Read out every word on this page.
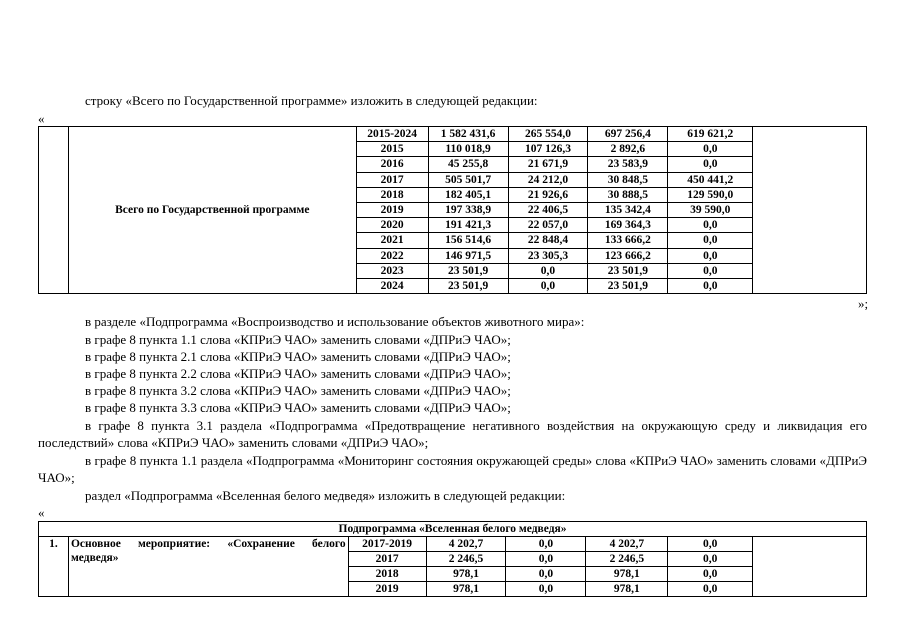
строку «Всего по Государственной программе» изложить в следующей редакции:
«
	Всего по Государственной программе	2015-2024	1 582 431,6	265 554,0	697 256,4	619 621,2	
		2015	110 018,9	107 126,3	2 892,6	0,0	
		2016	45 255,8	21 671,9	23 583,9	0,0	
		2017	505 501,7	24 212,0	30 848,5	450 441,2	
		2018	182 405,1	21 926,6	30 888,5	129 590,0	
		2019	197 338,9	22 406,5	135 342,4	39 590,0	
		2020	191 421,3	22 057,0	169 364,3	0,0	
		2021	156 514,6	22 848,4	133 666,2	0,0	
		2022	146 971,5	23 305,3	123 666,2	0,0	
		2023	23 501,9	0,0	23 501,9	0,0	
		2024	23 501,9	0,0	23 501,9	0,0	
»;
в разделе «Подпрограмма «Воспроизводство и использование объектов животного мира»:
в графе 8 пункта 1.1 слова «КПРиЭ ЧАО» заменить словами «ДПРиЭ ЧАО»;
в графе 8 пункта 2.1 слова «КПРиЭ ЧАО» заменить словами «ДПРиЭ ЧАО»;
в графе 8 пункта 2.2 слова «КПРиЭ ЧАО» заменить словами «ДПРиЭ ЧАО»;
в графе 8 пункта 3.2 слова «КПРиЭ ЧАО» заменить словами «ДПРиЭ ЧАО»;
в графе 8 пункта 3.3 слова «КПРиЭ ЧАО» заменить словами «ДПРиЭ ЧАО»;
в графе 8 пункта 3.1 раздела «Подпрограмма «Предотвращение негативного воздействия на окружающую среду и ликвидация его последствий» слова «КПРиЭ ЧАО» заменить словами «ДПРиЭ ЧАО»;
в графе 8 пункта 1.1 раздела «Подпрограмма «Мониторинг состояния окружающей среды» слова «КПРиЭ ЧАО» заменить словами «ДПРиЭ ЧАО»;
раздел «Подпрограмма «Вселенная белого медведя» изложить в следующей редакции:
«
Подпрограмма «Вселенная белого медведя»							
1.	Основное мероприятие: «Сохранение белого медведя»	2017-2019	4 202,7	0,0	4 202,7	0,0	
		2017	2 246,5	0,0	2 246,5	0,0	
		2018	978,1	0,0	978,1	0,0	
		2019	978,1	0,0	978,1	0,0	
